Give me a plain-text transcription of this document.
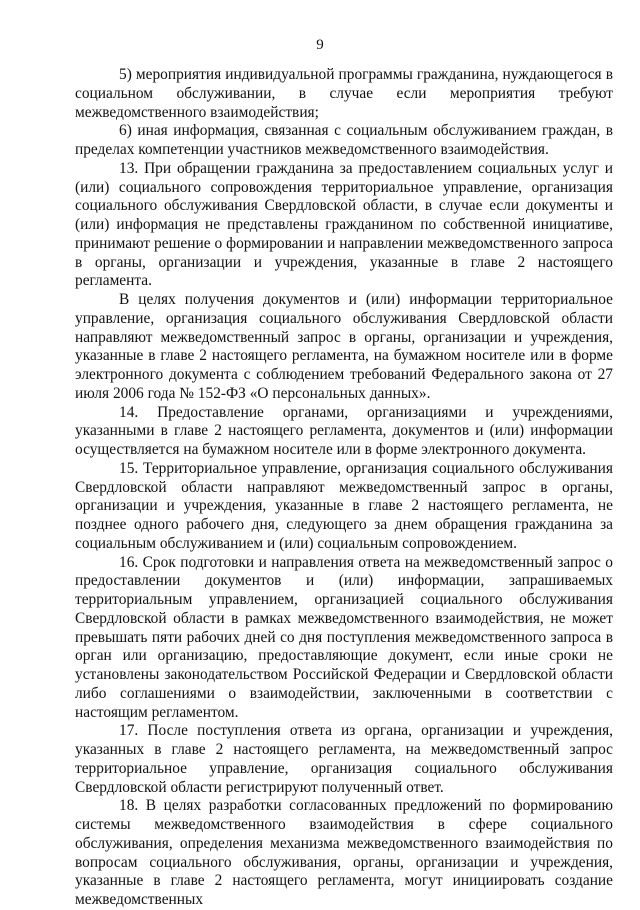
9

5) мероприятия индивидуальной программы гражданина, нуждающегося в социальном обслуживании, в случае если мероприятия требуют межведомственного взаимодействия;

6) иная информация, связанная с социальным обслуживанием граждан, в пределах компетенции участников межведомственного взаимодействия.

13. При обращении гражданина за предоставлением социальных услуг и (или) социального сопровождения территориальное управление, организация социального обслуживания Свердловской области, в случае если документы и (или) информация не представлены гражданином по собственной инициативе, принимают решение о формировании и направлении межведомственного запроса в органы, организации и учреждения, указанные в главе 2 настоящего регламента.

В целях получения документов и (или) информации территориальное управление, организация социального обслуживания Свердловской области направляют межведомственный запрос в органы, организации и учреждения, указанные в главе 2 настоящего регламента, на бумажном носителе или в форме электронного документа с соблюдением требований Федерального закона от 27 июля 2006 года № 152-ФЗ «О персональных данных».

14. Предоставление органами, организациями и учреждениями, указанными в главе 2 настоящего регламента, документов и (или) информации осуществляется на бумажном носителе или в форме электронного документа.

15. Территориальное управление, организация социального обслуживания Свердловской области направляют межведомственный запрос в органы, организации и учреждения, указанные в главе 2 настоящего регламента, не позднее одного рабочего дня, следующего за днем обращения гражданина за социальным обслуживанием и (или) социальным сопровождением.

16. Срок подготовки и направления ответа на межведомственный запрос о предоставлении документов и (или) информации, запрашиваемых территориальным управлением, организацией социального обслуживания Свердловской области в рамках межведомственного взаимодействия, не может превышать пяти рабочих дней со дня поступления межведомственного запроса в орган или организацию, предоставляющие документ, если иные сроки не установлены законодательством Российской Федерации и Свердловской области либо соглашениями о взаимодействии, заключенными в соответствии с настоящим регламентом.

17. После поступления ответа из органа, организации и учреждения, указанных в главе 2 настоящего регламента, на межведомственный запрос территориальное управление, организация социального обслуживания Свердловской области регистрируют полученный ответ.

18. В целях разработки согласованных предложений по формированию системы межведомственного взаимодействия в сфере социального обслуживания, определения механизма межведомственного взаимодействия по вопросам социального обслуживания, органы, организации и учреждения, указанные в главе 2 настоящего регламента, могут инициировать создание межведомственных
